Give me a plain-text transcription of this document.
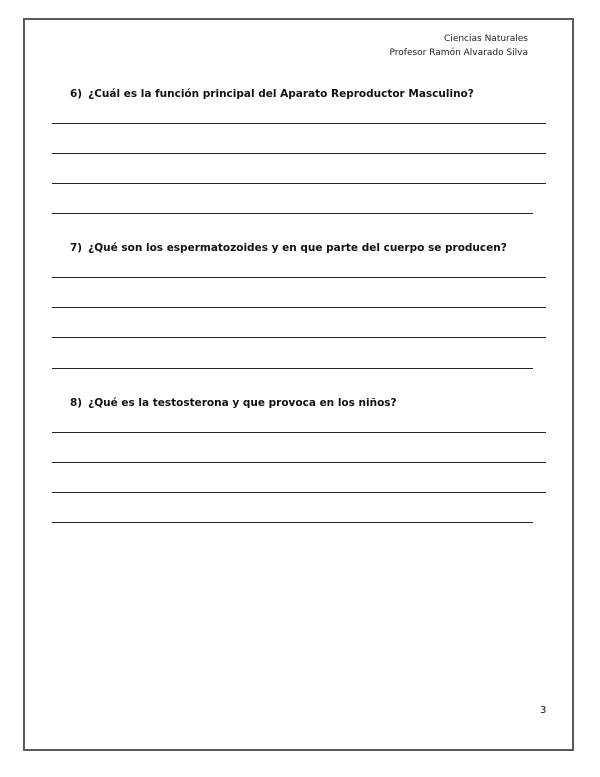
Ciencias Naturales
Profesor Ramón Alvarado Silva
6) ¿Cuál es la función principal del Aparato Reproductor Masculino?
7) ¿Qué son los espermatozoides y en que parte del cuerpo se producen?
8) ¿Qué es la testosterona y que provoca en los niños?
3
